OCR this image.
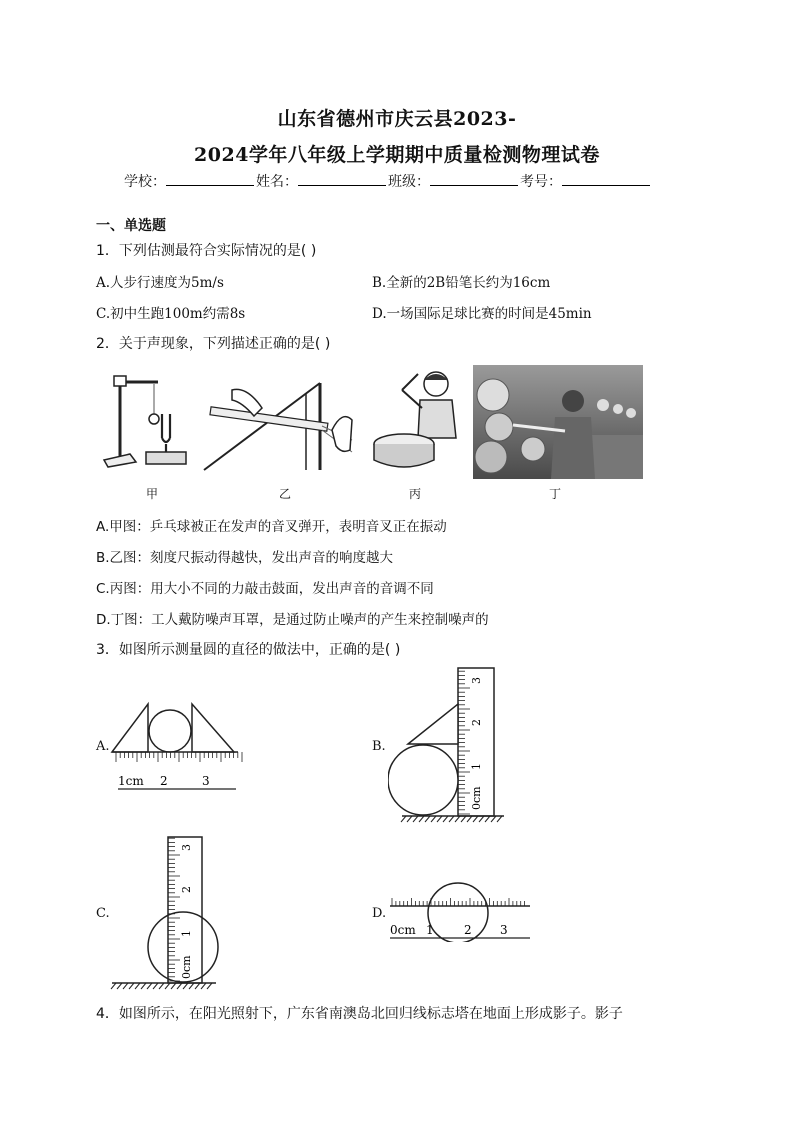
山东省德州市庆云县2023-
2024学年八年级上学期期中质量检测物理试卷
学校：	姓名：	班级：	考号：
一、单选题
1．下列估测最符合实际情况的是( )
A.人步行速度为5m/s	B.全新的2B铅笔长约为16cm
C.初中生跑100m约需8s	D.一场国际足球比赛的时间是45min
2．关于声现象，下列描述正确的是( )
甲	乙	丙	丁
A.甲图：乒乓球被正在发声的音叉弹开，表明音叉正在振动
B.乙图：刻度尺振动得越快，发出声音的响度越大
C.丙图：用大小不同的力敲击鼓面，发出声音的音调不同
D.丁图：工人戴防噪声耳罩，是通过防止噪声的产生来控制噪声的
3．如图所示测量圆的直径的做法中，正确的是( )
A.
1cm 2	3
B.
0cm
1
2
3
C.
0cm
1
2
3
D.
0cm 1	2 3
4．如图所示，在阳光照射下，广东省南澳岛北回归线标志塔在地面上形成影子。影子
